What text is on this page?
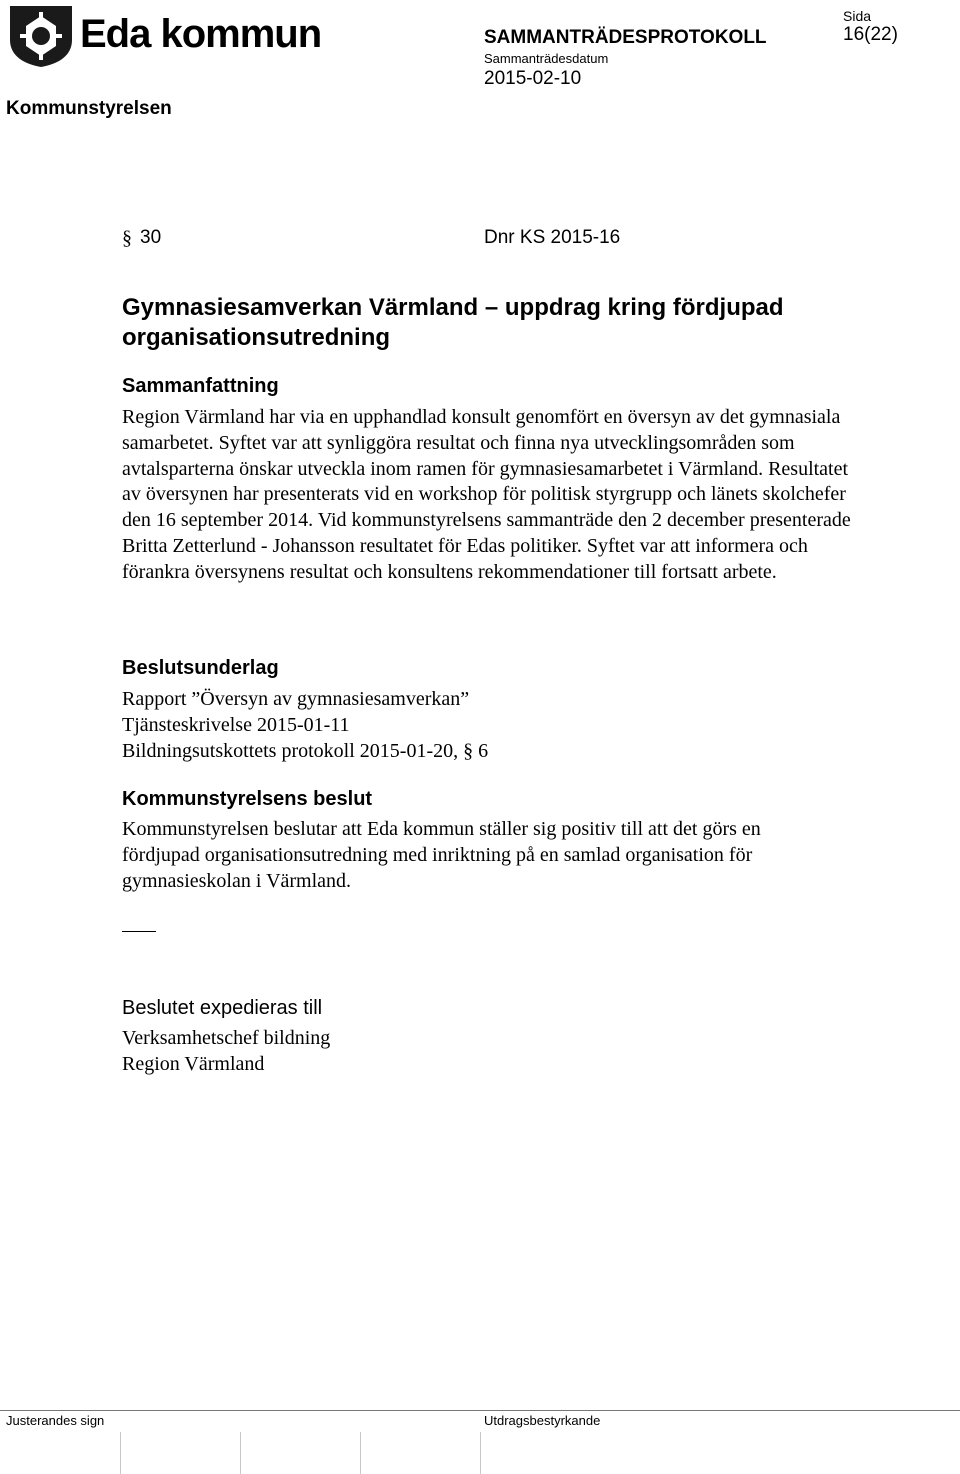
Eda kommun
Kommunstyrelsen
SAMMANTRÄDESPROTOKOLL
Sammanträdesdatum
2015-02-10
Sida
16(22)
§ 30	Dnr KS 2015-16
Gymnasiesamverkan Värmland – uppdrag kring fördjupad organisationsutredning
Sammanfattning
Region Värmland har via en upphandlad konsult genomfört en översyn av det gymnasiala samarbetet. Syftet var att synliggöra resultat och finna nya utvecklingsområden som avtalsparterna önskar utveckla inom ramen för gymnasiesamarbetet i Värmland. Resultatet av översynen har presenterats vid en workshop för politisk styrgrupp och länets skolchefer den 16 september 2014. Vid kommunstyrelsens sammanträde den 2 december presenterade Britta Zetterlund - Johansson resultatet för Edas politiker. Syftet var att informera och förankra översynens resultat och konsultens rekommendationer till fortsatt arbete.
Beslutsunderlag
Rapport ”Översyn av gymnasiesamverkan”
Tjänsteskrivelse 2015-01-11
Bildningsutskottets protokoll 2015-01-20, § 6
Kommunstyrelsens beslut
Kommunstyrelsen beslutar att Eda kommun ställer sig positiv till att det görs en fördjupad organisationsutredning med inriktning på en samlad organisation för gymnasieskolan i Värmland.
Beslutet expedieras till
Verksamhetschef bildning
Region Värmland
Justerandes sign	Utdragsbestyrkande
